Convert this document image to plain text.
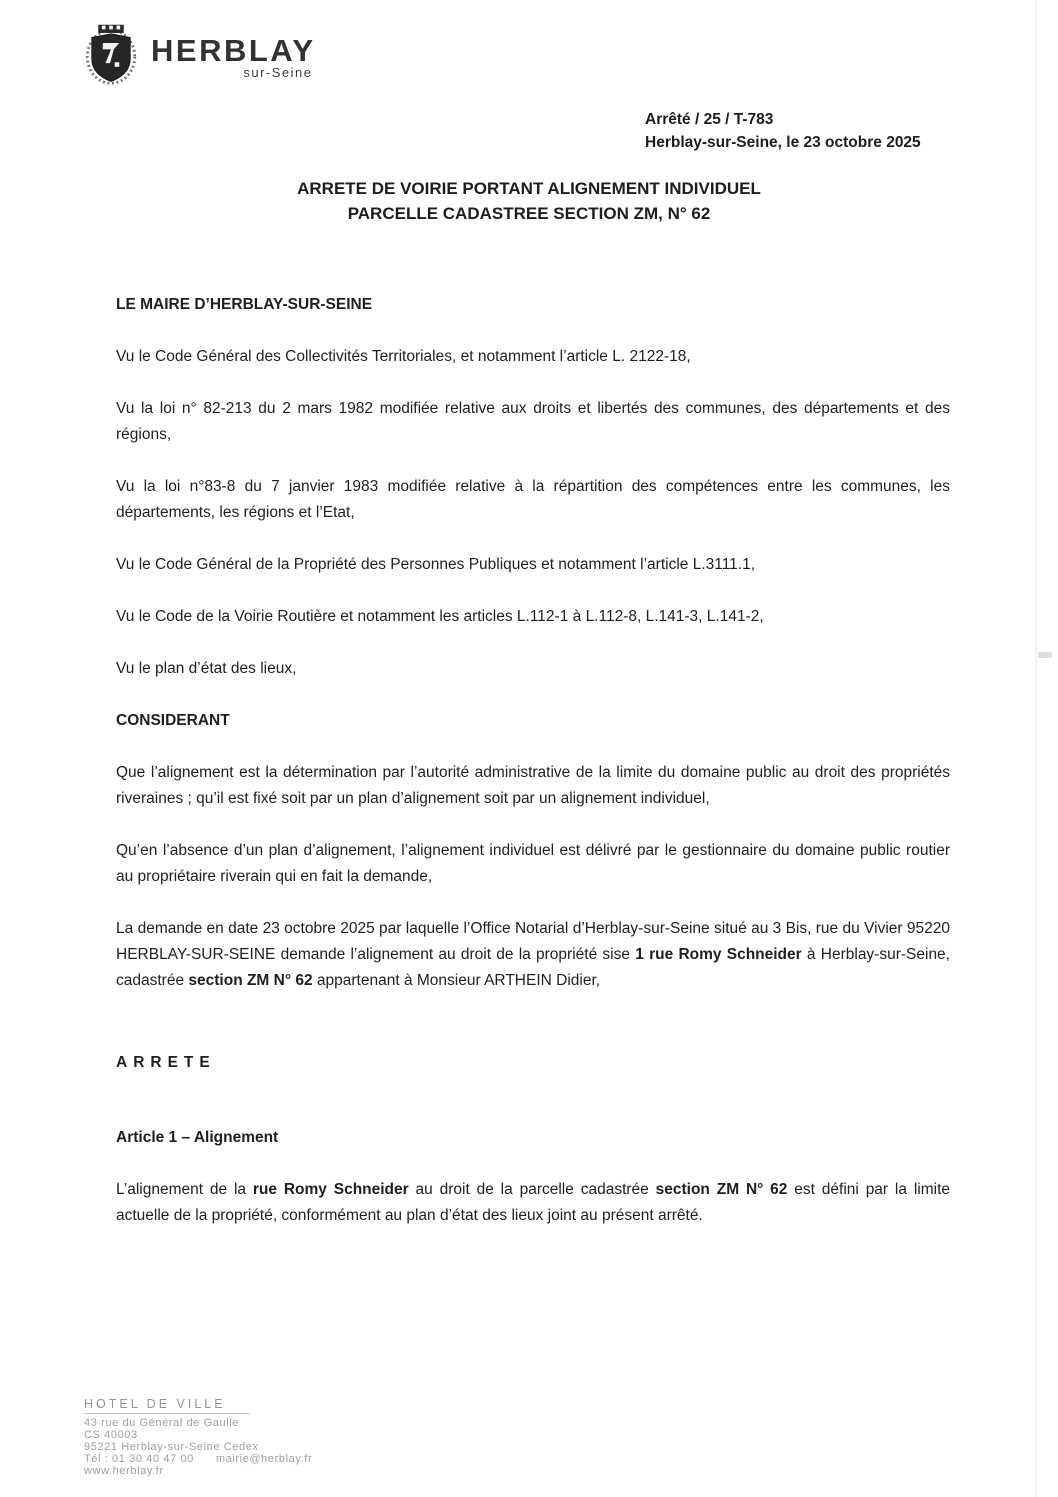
HERBLAY
sur-Seine
Arrêté / 25 / T-783
Herblay-sur-Seine, le 23 octobre 2025
ARRETE DE VOIRIE PORTANT ALIGNEMENT INDIVIDUEL
PARCELLE CADASTREE SECTION ZM, N° 62

LE MAIRE D’HERBLAY-SUR-SEINE

Vu le Code Général des Collectivités Territoriales, et notamment l’article L. 2122-18,

Vu la loi n° 82-213 du 2 mars 1982 modifiée relative aux droits et libertés des communes, des départements et des régions,

Vu la loi n°83-8 du 7 janvier 1983 modifiée relative à la répartition des compétences entre les communes, les départements, les régions et l’Etat,

Vu le Code Général de la Propriété des Personnes Publiques et notamment l’article L.3111.1,

Vu le Code de la Voirie Routière et notamment les articles L.112-1 à L.112-8, L.141-3, L.141-2,

Vu le plan d’état des lieux,

CONSIDERANT

Que l’alignement est la détermination par l’autorité administrative de la limite du domaine public au droit des propriétés riveraines ; qu’il est fixé soit par un plan d’alignement soit par un alignement individuel,

Qu’en l’absence d’un plan d’alignement, l’alignement individuel est délivré par le gestionnaire du domaine public routier au propriétaire riverain qui en fait la demande,

La demande en date 23 octobre 2025 par laquelle l’Office Notarial d’Herblay-sur-Seine situé au 3 Bis, rue du Vivier 95220 HERBLAY-SUR-SEINE demande l’alignement au droit de la propriété sise 1 rue Romy Schneider à Herblay-sur-Seine, cadastrée section ZM N° 62 appartenant à Monsieur ARTHEIN Didier,

ARRETE

Article 1 – Alignement

L’alignement de la rue Romy Schneider au droit de la parcelle cadastrée section ZM N° 62 est défini par la limite actuelle de la propriété, conformément au plan d’état des lieux joint au présent arrêté.

HOTEL DE VILLE
43 rue du Général de Gaulle
CS 40003
95221 Herblay-sur-Seine Cedex
Tél : 01 30 40 47 00 mairie@herblay.fr
www.herblay.fr
